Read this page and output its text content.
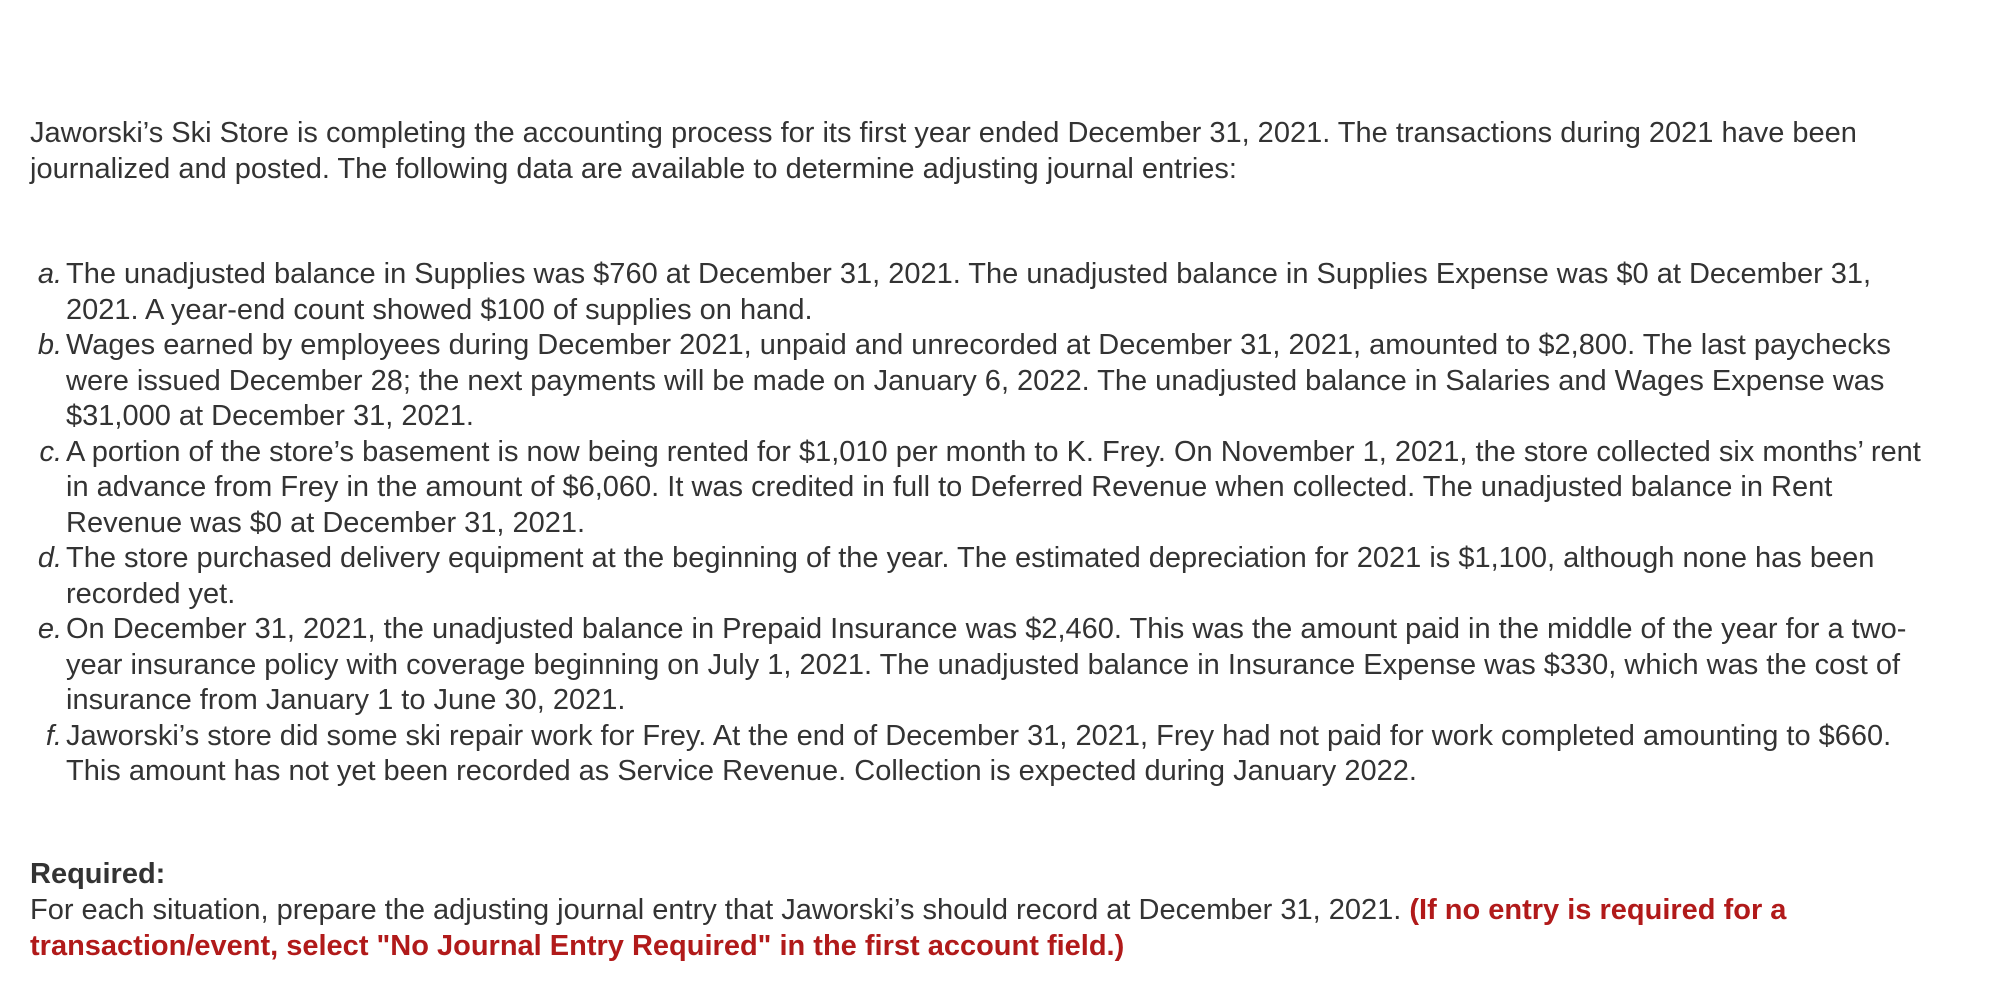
Jaworski’s Ski Store is completing the accounting process for its first year ended December 31, 2021. The transactions during 2021 have been journalized and posted. The following data are available to determine adjusting journal entries:

a. The unadjusted balance in Supplies was $760 at December 31, 2021. The unadjusted balance in Supplies Expense was $0 at December 31, 2021. A year-end count showed $100 of supplies on hand.
b. Wages earned by employees during December 2021, unpaid and unrecorded at December 31, 2021, amounted to $2,800. The last paychecks were issued December 28; the next payments will be made on January 6, 2022. The unadjusted balance in Salaries and Wages Expense was $31,000 at December 31, 2021.
c. A portion of the store’s basement is now being rented for $1,010 per month to K. Frey. On November 1, 2021, the store collected six months’ rent in advance from Frey in the amount of $6,060. It was credited in full to Deferred Revenue when collected. The unadjusted balance in Rent Revenue was $0 at December 31, 2021.
d. The store purchased delivery equipment at the beginning of the year. The estimated depreciation for 2021 is $1,100, although none has been recorded yet.
e. On December 31, 2021, the unadjusted balance in Prepaid Insurance was $2,460. This was the amount paid in the middle of the year for a two-year insurance policy with coverage beginning on July 1, 2021. The unadjusted balance in Insurance Expense was $330, which was the cost of insurance from January 1 to June 30, 2021.
f. Jaworski’s store did some ski repair work for Frey. At the end of December 31, 2021, Frey had not paid for work completed amounting to $660. This amount has not yet been recorded as Service Revenue. Collection is expected during January 2022.
Required:
For each situation, prepare the adjusting journal entry that Jaworski’s should record at December 31, 2021. (If no entry is required for a transaction/event, select "No Journal Entry Required" in the first account field.)
